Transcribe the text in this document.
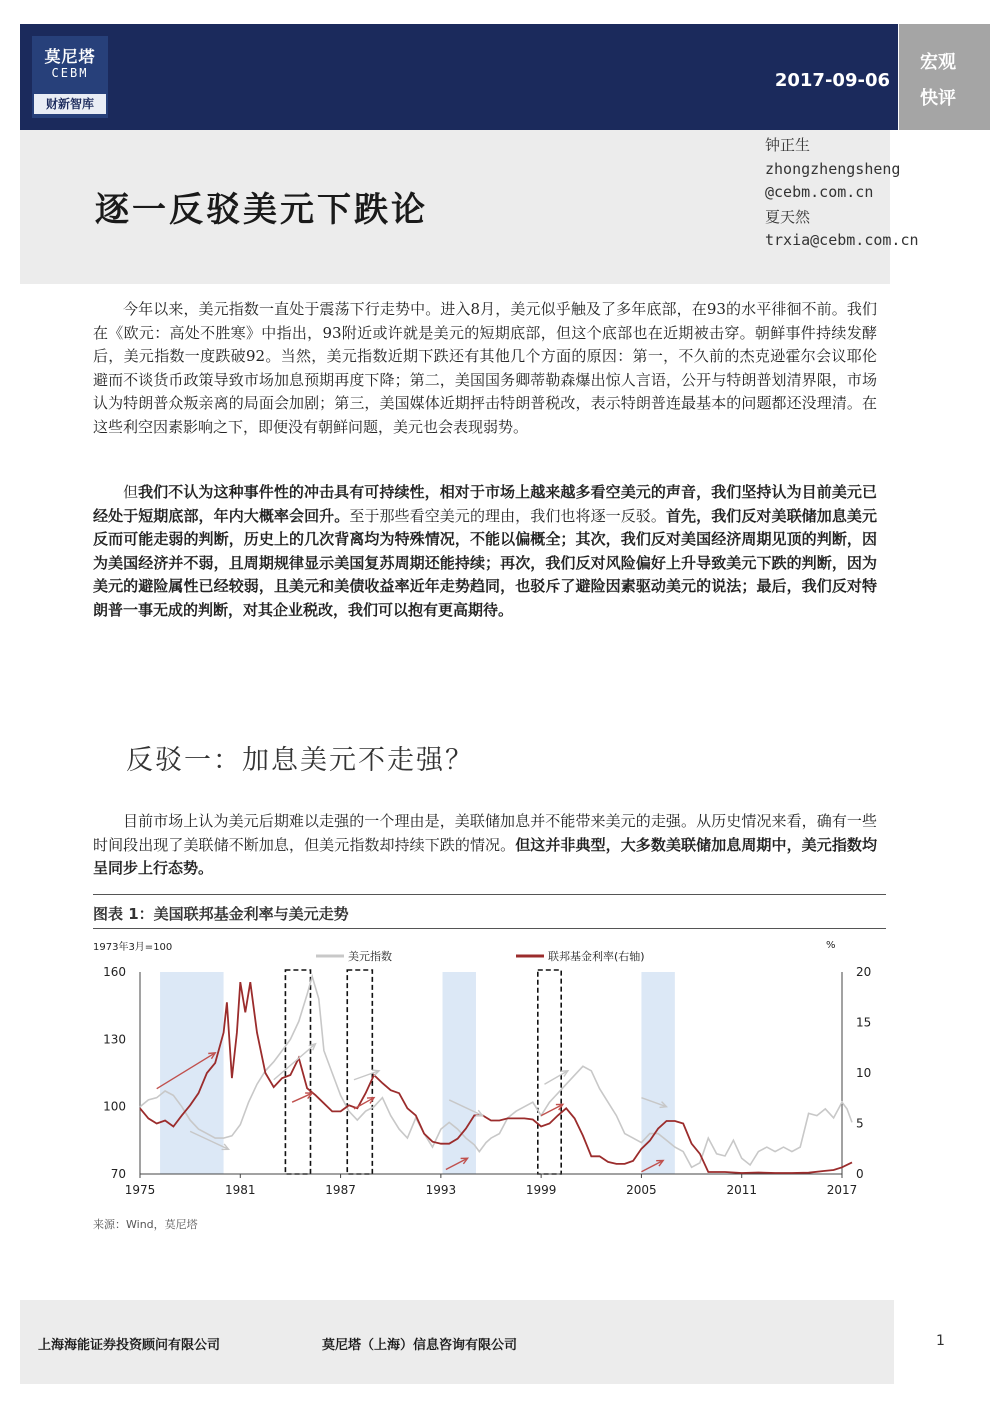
莫尼塔
CEBM
财新智库
2017-09-06
宏观
快评
逐一反驳美元下跌论
钟正生
zhongzhengsheng
@cebm.com.cn
夏天然
trxia@cebm.com.cn

今年以来，美元指数一直处于震荡下行走势中。进入8月，美元似乎触及了多年底部，在93的水平徘徊不前。我们在《欧元：高处不胜寒》中指出，93附近或许就是美元的短期底部，但这个底部也在近期被击穿。朝鲜事件持续发酵后，美元指数一度跌破92。当然，美元指数近期下跌还有其他几个方面的原因：第一，不久前的杰克逊霍尔会议耶伦避而不谈货币政策导致市场加息预期再度下降；第二，美国国务卿蒂勒森爆出惊人言语，公开与特朗普划清界限，市场认为特朗普众叛亲离的局面会加剧；第三，美国媒体近期抨击特朗普税改，表示特朗普连最基本的问题都还没理清。在这些利空因素影响之下，即便没有朝鲜问题，美元也会表现弱势。

但我们不认为这种事件性的冲击具有可持续性，相对于市场上越来越多看空美元的声音，我们坚持认为目前美元已经处于短期底部，年内大概率会回升。至于那些看空美元的理由，我们也将逐一反驳。首先，我们反对美联储加息美元反而可能走弱的判断，历史上的几次背离均为特殊情况，不能以偏概全；其次，我们反对美国经济周期见顶的判断，因为美国经济并不弱，且周期规律显示美国复苏周期还能持续；再次，我们反对风险偏好上升导致美元下跌的判断，因为美元的避险属性已经较弱，且美元和美债收益率近年走势趋同，也驳斥了避险因素驱动美元的说法；最后，我们反对特朗普一事无成的判断，对其企业税改，我们可以抱有更高期待。

反驳一：加息美元不走强？

目前市场上认为美元后期难以走强的一个理由是，美联储加息并不能带来美元的走强。从历史情况来看，确有一些时间段出现了美联储不断加息，但美元指数却持续下跌的情况。但这并非典型，大多数美联储加息周期中，美元指数均呈同步上行态势。

图表 1：美国联邦基金利率与美元走势
1975	1981	1987	1993	1999	2005	2011	2017
160
130
100
70
20
15
10
5
0
1973年3月=100	%
美元指数	联邦基金利率(右轴)
来源：Wind，莫尼塔
上海海能证券投资顾问有限公司	莫尼塔（上海）信息咨询有限公司	1
